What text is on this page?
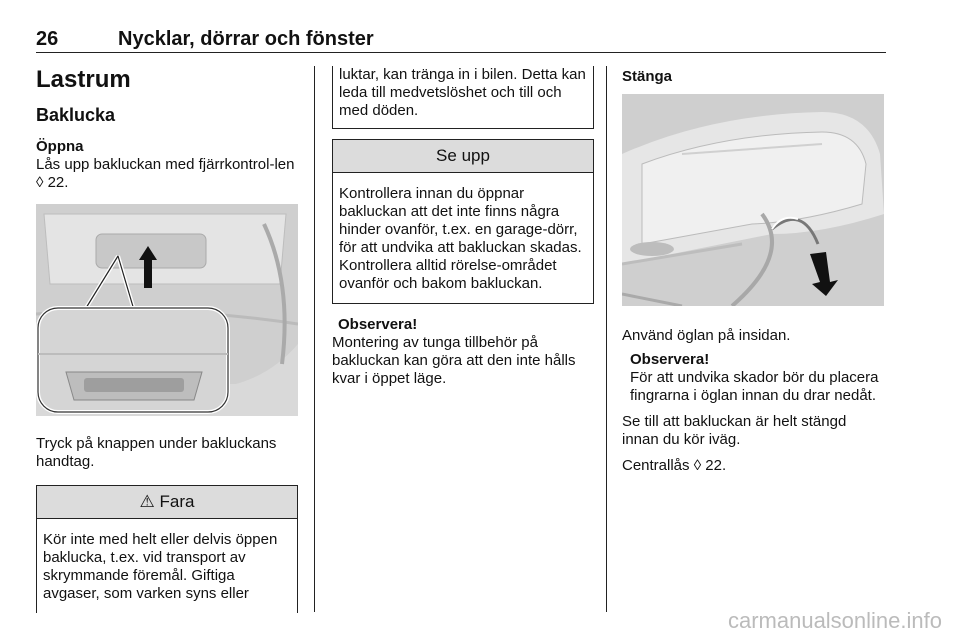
26	Nycklar, dörrar och fönster
Lastrum
Baklucka
Öppna

Lås upp bakluckan med fjärrkontrol-len ◊ 22.

Tryck på knappen under bakluckans handtag.

⚠ Fara
Kör inte med helt eller delvis öppen baklucka, t.ex. vid transport av skrymmande föremål. Giftiga avgaser, som varken syns eller
luktar, kan tränga in i bilen. Detta kan leda till medvetslöshet och till och med döden.
Se upp
Kontrollera innan du öppnar bakluckan att det inte finns några hinder ovanför, t.ex. en garage-dörr, för att undvika att bakluckan skadas. Kontrollera alltid rörelse-området ovanför och bakom bakluckan.
Observera!

Montering av tunga tillbehör på bakluckan kan göra att den inte hålls kvar i öppet läge.

Stänga

Använd öglan på insidan.

Observera!

För att undvika skador bör du placera fingrarna i öglan innan du drar nedåt.

Se till att bakluckan är helt stängd innan du kör iväg.

Centrallås ◊ 22.

carmanualsonline.info
